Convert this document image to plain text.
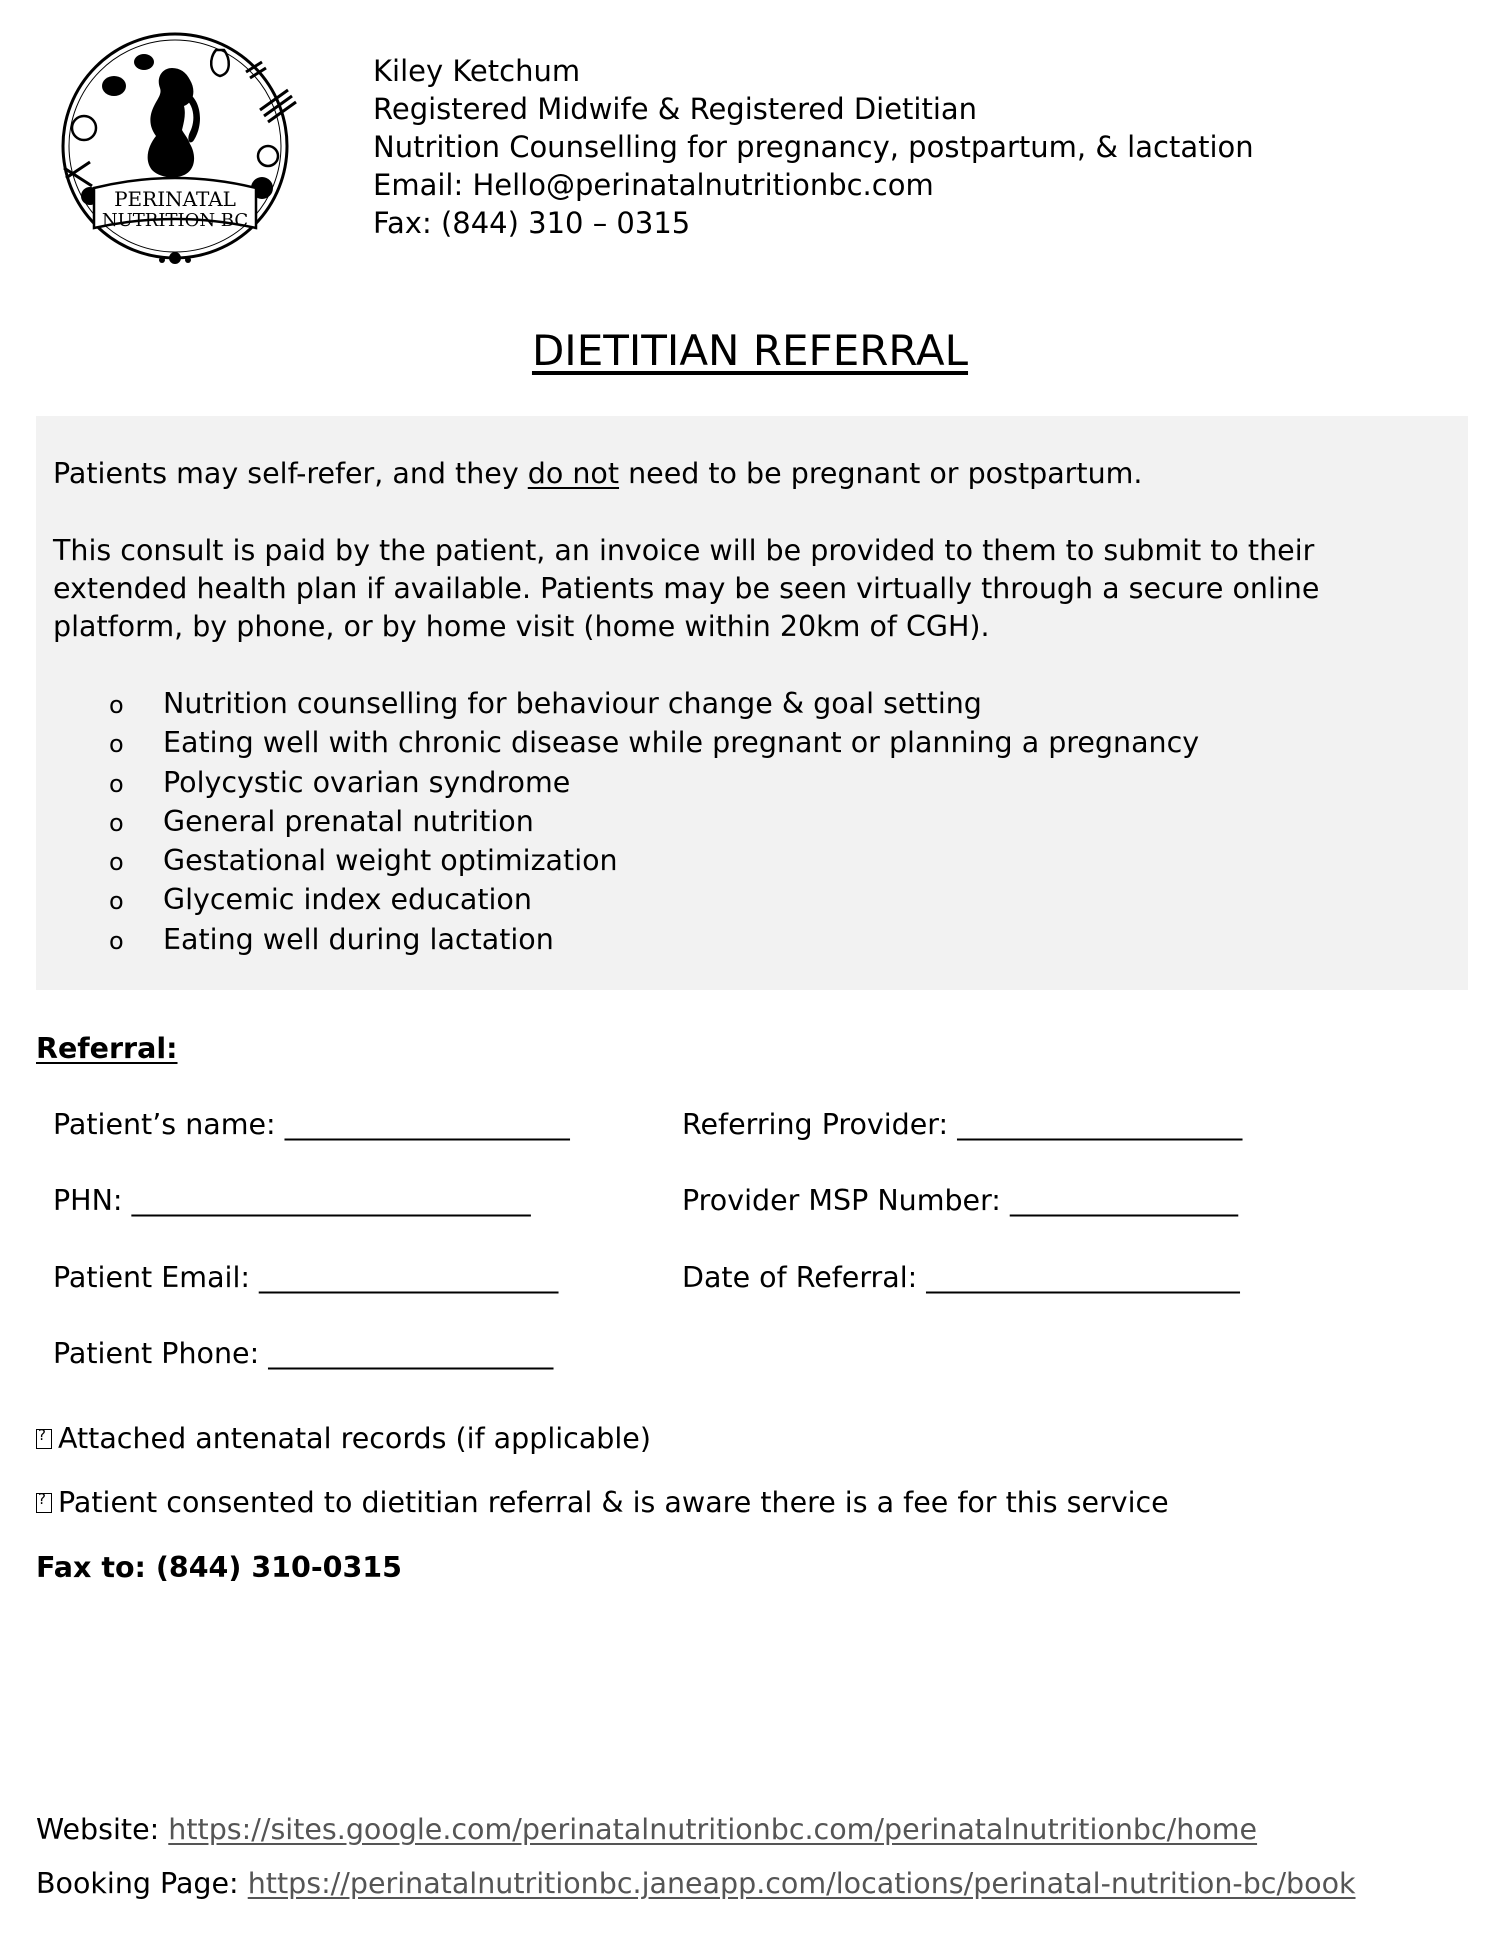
PERINATAL
NUTRITION BC
Kiley Ketchum
Registered Midwife & Registered Dietitian
Nutrition Counselling for pregnancy, postpartum, & lactation
Email: Hello@perinatalnutritionbc.com
Fax: (844) 310 – 0315
DIETITIAN REFERRAL
Patients may self-refer, and they do not need to be pregnant or postpartum.
This consult is paid by the patient, an invoice will be provided to them to submit to their
extended health plan if available. Patients may be seen virtually through a secure online
platform, by phone, or by home visit (home within 20km of CGH).
o Nutrition counselling for behaviour change & goal setting
o Eating well with chronic disease while pregnant or planning a pregnancy
o Polycystic ovarian syndrome
o General prenatal nutrition
o Gestational weight optimization
o Glycemic index education
o Eating well during lactation
Referral:
Patient’s name: ____________________	Referring Provider: ____________________
PHN: ____________________________	Provider MSP Number: ________________
Patient Email: _____________________	Date of Referral: ______________________
Patient Phone: ____________________
?Attached antenatal records (if applicable)
?Patient consented to dietitian referral & is aware there is a fee for this service
Fax to: (844) 310-0315
Website: https://sites.google.com/perinatalnutritionbc.com/perinatalnutritionbc/home
Booking Page: https://perinatalnutritionbc.janeapp.com/locations/perinatal-nutrition-bc/book
